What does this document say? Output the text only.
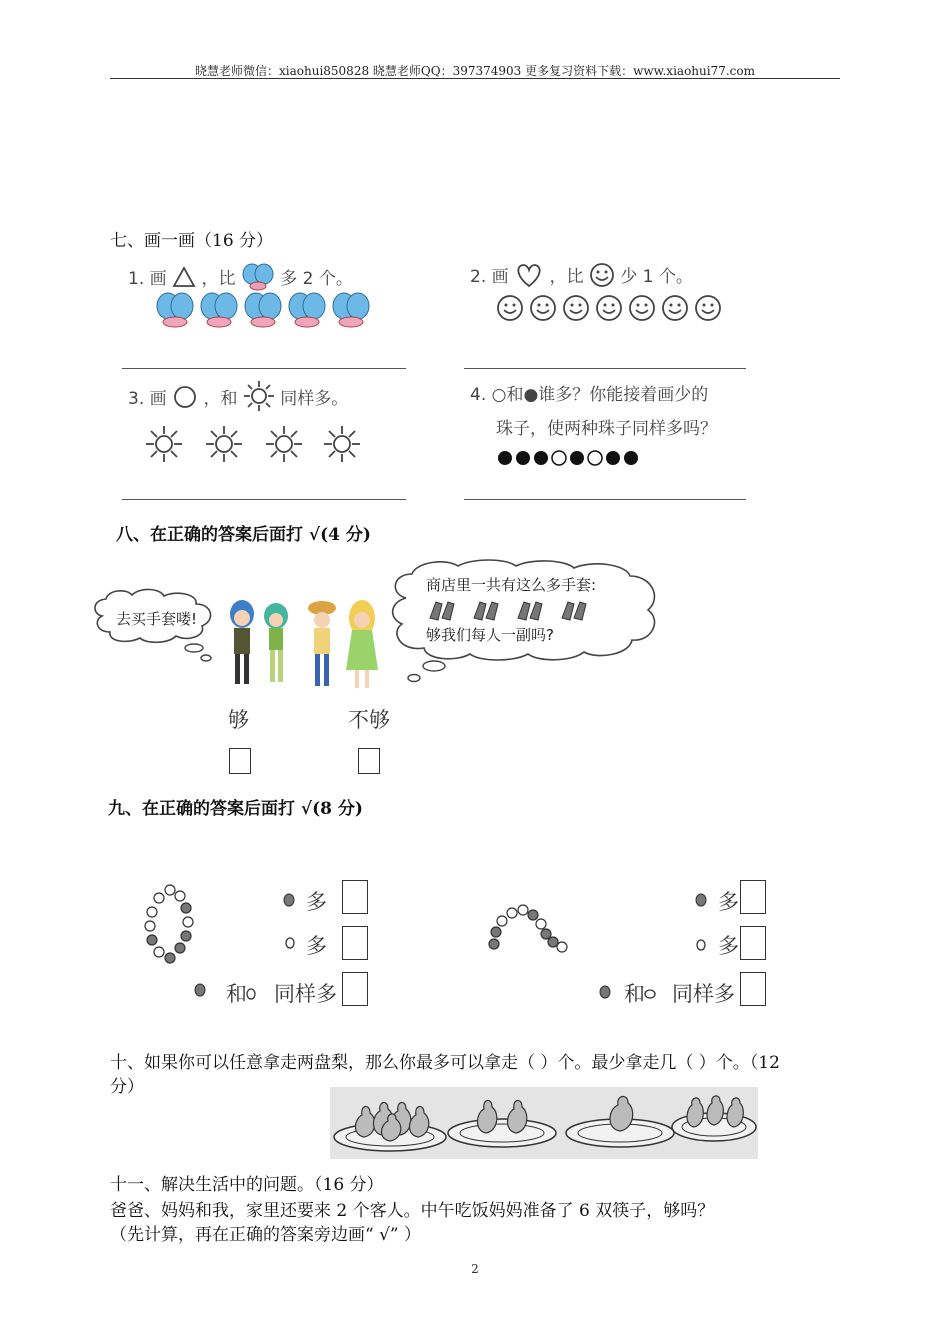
晓慧老师微信：xiaohui850828 晓慧老师QQ：397374903 更多复习资料下载：www.xiaohui77.com
七、画一画（16 分）
1. 画 ，比	多 2 个。	2. 画 ，比 少 1 个。
3. 画 ，和	同样多。	4. ○和●谁多？你能接着画少的
珠子，使两种珠子同样多吗？
八、在正确的答案后面打 √(4 分)
去买手套喽!
商店里一共有这么多手套:
够我们每人一副吗?
够	不够
九、在正确的答案后面打 √(8 分)
多
多
和 同样多
多
多
和 同样多
十、如果你可以任意拿走两盘梨，那么你最多可以拿走（ ）个。最少拿走几（ ）个。（12
分）
十一、解决生活中的问题。（16 分）
爸爸、妈妈和我，家里还要来 2 个客人。中午吃饭妈妈准备了 6 双筷子，够吗？
（先计算，再在正确的答案旁边画“ √” ）
2
